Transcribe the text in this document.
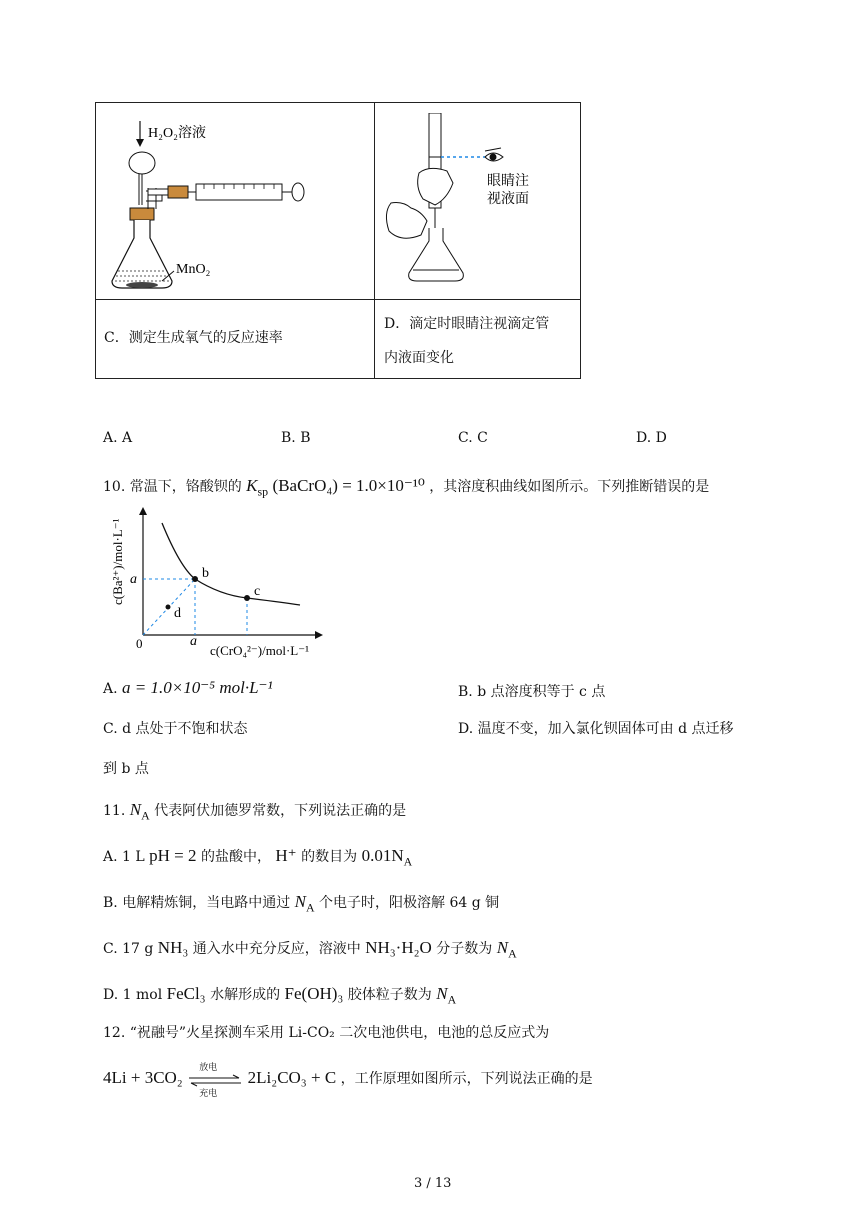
H₂O₂溶液
MnO₂
眼睛注
视液面
C．测定生成氧气的反应速率
D．滴定时眼睛注视滴定管
内液面变化
A. A	B. B	C. C	D. D
10. 常温下，铬酸钡的 $K_{sp}$ (BaCrO₄) = 1.0×10⁻¹⁰ ，其溶度积曲线如图所示。下列推断错误的是
b
c
d
a
a
0	c(CrO₄²⁻)/mol·L⁻¹
c(Ba²⁺)/mol·L⁻¹
A. a = 1.0×10⁻⁵ mol·L⁻¹	B. b 点溶度积等于 c 点
C. d 点处于不饱和状态	D. 温度不变，加入氯化钡固体可由 d 点迁移
到 b 点
11. $N_A$ 代表阿伏加德罗常数，下列说法正确的是
A. 1 L pH = 2 的盐酸中， H⁺ 的数目为 $0.01N_A$
B. 电解精炼铜，当电路中通过 $N_A$ 个电子时，阳极溶解 64 g 铜
C. 17 g NH₃ 通入水中充分反应，溶液中 NH₃·H₂O 分子数为 $N_A$
D. 1 mol FeCl₃ 水解形成的 Fe(OH)₃ 胶体粒子数为 $N_A$
12. “祝融号”火星探测车采用 Li-CO₂ 二次电池供电，电池的总反应式为
4Li + 3CO₂ 放电
充电
2Li₂CO₃ + C ，工作原理如图所示，下列说法正确的是
3 / 13
